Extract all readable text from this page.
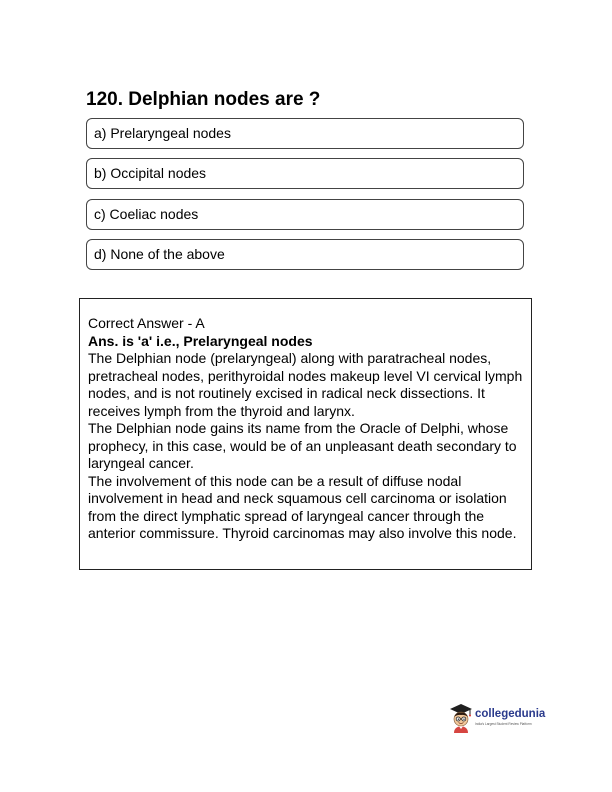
120. Delphian nodes are ?
a) Prelaryngeal nodes
b) Occipital nodes
c) Coeliac nodes
d) None of the above

Correct Answer - A

Ans. is 'a' i.e., Prelaryngeal nodes

The Delphian node (prelaryngeal) along with paratracheal nodes, pretracheal nodes, perithyroidal nodes makeup level VI cervical lymph nodes, and is not routinely excised in radical neck dissections. It receives lymph from the thyroid and larynx.

The Delphian node gains its name from the Oracle of Delphi, whose prophecy, in this case, would be of an unpleasant death secondary to laryngeal cancer.

The involvement of this node can be a result of diffuse nodal involvement in head and neck squamous cell carcinoma or isolation from the direct lymphatic spread of laryngeal cancer through the anterior commissure. Thyroid carcinomas may also involve this node.

collegedunia
India's Largest Student Review Platform
